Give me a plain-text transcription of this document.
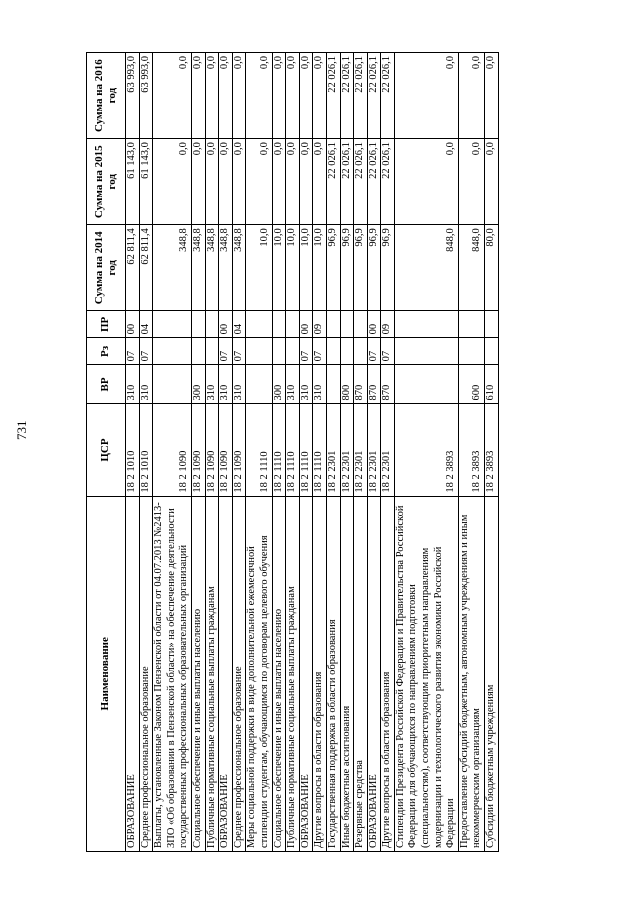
731
Наименование	ЦСР	ВР	Рз	ПР	Сумма на 2014 год	Сумма на 2015 год	Сумма на 2016 год
ОБРАЗОВАНИЕ	18 2 1010	310	07	00	62 811,4	61 143,0	63 993,0
Среднее профессиональное образование	18 2 1010	310	07	04	62 811,4	61 143,0	63 993,0
Выплаты, установленные Законом Пензенской области от 04.07.2013 №2413-ЗПО «Об образовании в Пензенской области» на обеспечение деятельности государственных профессиональных образовательных организаций	18 2 1090				348,8	0,0	0,0
Социальное обеспечение и иные выплаты населению	18 2 1090	300			348,8	0,0	0,0
Публичные нормативные социальные выплаты гражданам	18 2 1090	310			348,8	0,0	0,0
ОБРАЗОВАНИЕ	18 2 1090	310	07	00	348,8	0,0	0,0
Среднее профессиональное образование	18 2 1090	310	07	04	348,8	0,0	0,0
Меры социальной поддержки в виде дополнительной ежемесячной стипендии студентам, обучающимся по договорам целевого обучения	18 2 1110				10,0	0,0	0,0
Социальное обеспечение и иные выплаты населению	18 2 1110	300			10,0	0,0	0,0
Публичные нормативные социальные выплаты гражданам	18 2 1110	310			10,0	0,0	0,0
ОБРАЗОВАНИЕ	18 2 1110	310	07	00	10,0	0,0	0,0
Другие вопросы в области образования	18 2 1110	310	07	09	10,0	0,0	0,0
Государственная поддержка в области образования	18 2 2301				96,9	22 026,1	22 026,1
Иные бюджетные ассигнования	18 2 2301	800			96,9	22 026,1	22 026,1
Резервные средства	18 2 2301	870			96,9	22 026,1	22 026,1
ОБРАЗОВАНИЕ	18 2 2301	870	07	00	96,9	22 026,1	22 026,1
Другие вопросы в области образования	18 2 2301	870	07	09	96,9	22 026,1	22 026,1
Стипендии Президента Российской Федерации и Правительства Российской Федерации для обучающихся по направлениям подготовки (специальностям), соответствующим приоритетным направлениям модернизации и технологического развития экономики Российской Федерации	18 2 3893				848,0	0,0	0,0
Предоставление субсидий бюджетным, автономным учреждениям и иным некоммерческим организациям	18 2 3893	600			848,0	0,0	0,0
Субсидии бюджетным учреждениям	18 2 3893	610			80,0	0,0	0,0
